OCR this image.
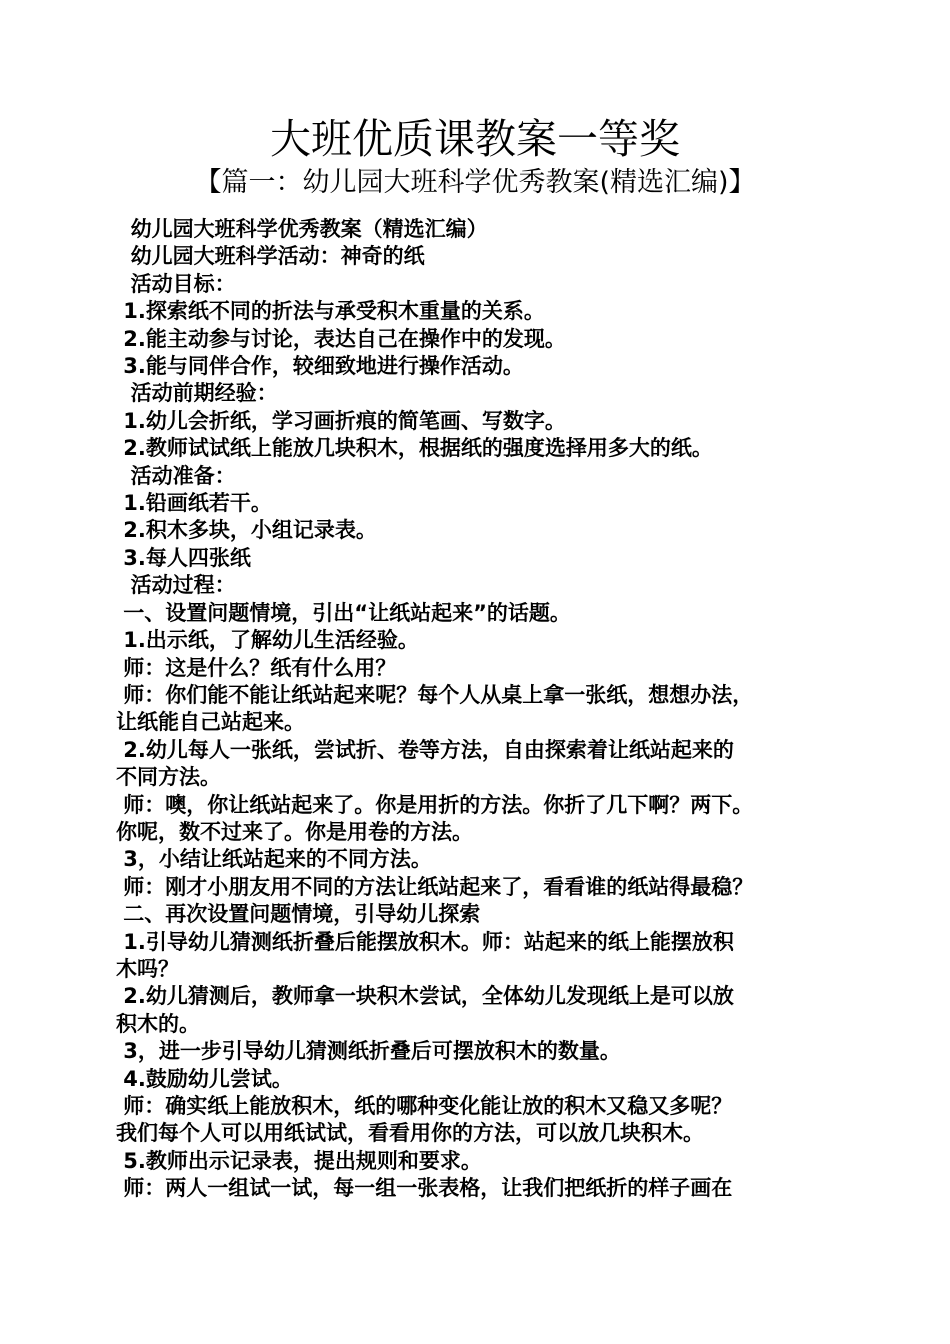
大班优质课教案一等奖
【篇一：幼儿园大班科学优秀教案(精选汇编)】

幼儿园大班科学优秀教案（精选汇编）

幼儿园大班科学活动：神奇的纸

活动目标：

1.探索纸不同的折法与承受积木重量的关系。

2.能主动参与讨论，表达自己在操作中的发现。

3.能与同伴合作，较细致地进行操作活动。

活动前期经验：

1.幼儿会折纸，学习画折痕的简笔画、写数字。

2.教师试试纸上能放几块积木，根据纸的强度选择用多大的纸。

活动准备：

1.铅画纸若干。

2.积木多块，小组记录表。

3.每人四张纸

活动过程：

一、设置问题情境，引出“让纸站起来”的话题。

1.出示纸，了解幼儿生活经验。

师：这是什么？纸有什么用？

师：你们能不能让纸站起来呢？每个人从桌上拿一张纸，想想办法，

让纸能自己站起来。

2.幼儿每人一张纸，尝试折、卷等方法，自由探索着让纸站起来的

不同方法。

师：噢，你让纸站起来了。你是用折的方法。你折了几下啊？两下。

你呢，数不过来了。你是用卷的方法。

3，小结让纸站起来的不同方法。

师：刚才小朋友用不同的方法让纸站起来了，看看谁的纸站得最稳？

二、再次设置问题情境，引导幼儿探索

1.引导幼儿猜测纸折叠后能摆放积木。师：站起来的纸上能摆放积

木吗？

2.幼儿猜测后，教师拿一块积木尝试，全体幼儿发现纸上是可以放

积木的。

3，进一步引导幼儿猜测纸折叠后可摆放积木的数量。

4.鼓励幼儿尝试。

师：确实纸上能放积木，纸的哪种变化能让放的积木又稳又多呢？

我们每个人可以用纸试试，看看用你的方法，可以放几块积木。

5.教师出示记录表，提出规则和要求。

师：两人一组试一试，每一组一张表格，让我们把纸折的样子画在
